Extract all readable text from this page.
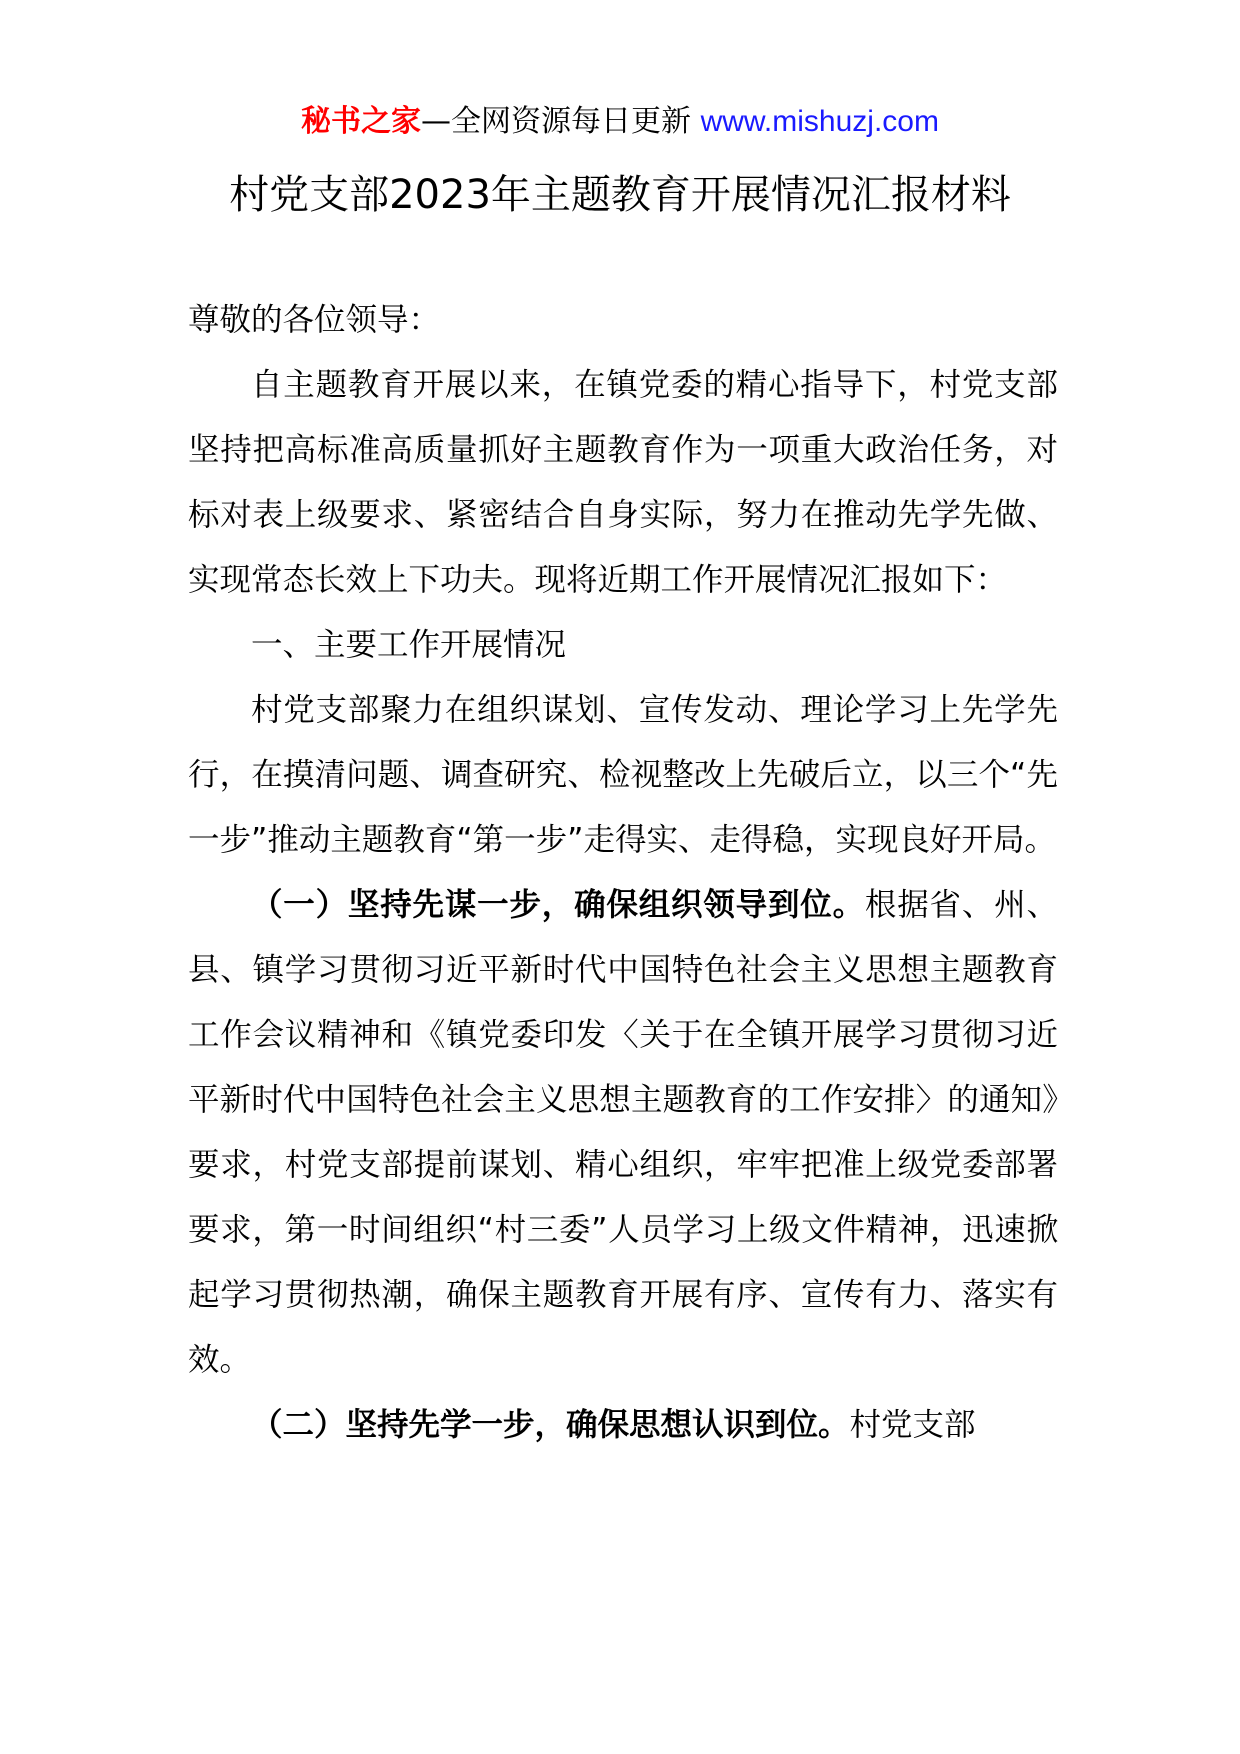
秘书之家—全网资源每日更新 www.mishuzj.com
村党支部2023年主题教育开展情况汇报材料

尊敬的各位领导：

自主题教育开展以来，在镇党委的精心指导下，村党支部坚持把高标准高质量抓好主题教育作为一项重大政治任务，对标对表上级要求、紧密结合自身实际，努力在推动先学先做、实现常态长效上下功夫。现将近期工作开展情况汇报如下：

一、主要工作开展情况

村党支部聚力在组织谋划、宣传发动、理论学习上先学先行，在摸清问题、调查研究、检视整改上先破后立，以三个“先一步”推动主题教育“第一步”走得实、走得稳，实现良好开局。

（一）坚持先谋一步，确保组织领导到位。根据省、州、县、镇学习贯彻习近平新时代中国特色社会主义思想主题教育工作会议精神和《镇党委印发〈关于在全镇开展学习贯彻习近平新时代中国特色社会主义思想主题教育的工作安排〉的通知》要求，村党支部提前谋划、精心组织，牢牢把准上级党委部署要求，第一时间组织“村三委”人员学习上级文件精神，迅速掀起学习贯彻热潮，确保主题教育开展有序、宣传有力、落实有效。

（二）坚持先学一步，确保思想认识到位。村党支部
